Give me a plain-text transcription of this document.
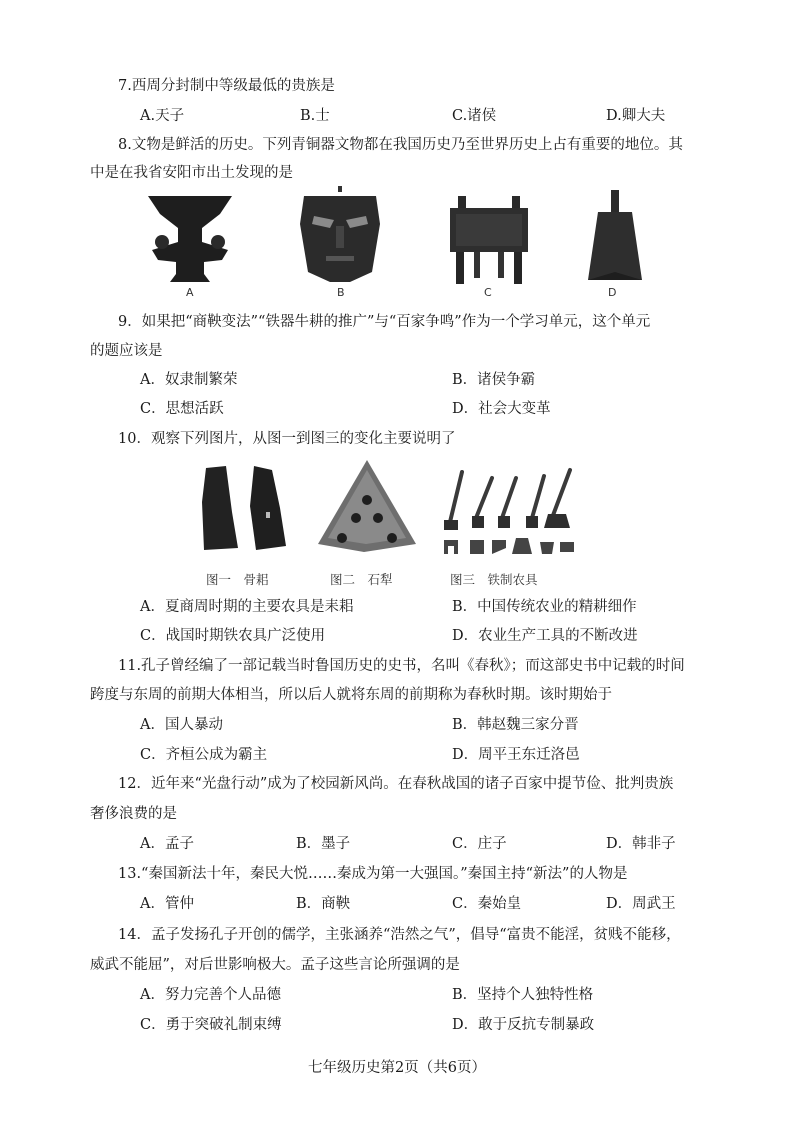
7.西周分封制中等级最低的贵族是
A.天子	B.士	C.诸侯	D.卿大夫
8.文物是鲜活的历史。下列青铜器文物都在我国历史乃至世界历史上占有重要的地位。其
中是在我省安阳市出土发现的是
A	B	C	D
9．如果把“商鞅变法”“铁器牛耕的推广”与“百家争鸣”作为一个学习单元，这个单元
的题应该是
A．奴隶制繁荣	B．诸侯争霸
C．思想活跃	D．社会大变革
10．观察下列图片，从图一到图三的变化主要说明了
图一　骨耜	图二　石犁	图三　铁制农具
A．夏商周时期的主要农具是耒耜	B．中国传统农业的精耕细作
C．战国时期铁农具广泛使用	D．农业生产工具的不断改进
11.孔子曾经编了一部记载当时鲁国历史的史书，名叫《春秋》；而这部史书中记载的时间
跨度与东周的前期大体相当，所以后人就将东周的前期称为春秋时期。该时期始于
A．国人暴动	B．韩赵魏三家分晋
C．齐桓公成为霸主	D．周平王东迁洛邑
12．近年来“光盘行动”成为了校园新风尚。在春秋战国的诸子百家中提节俭、批判贵族
奢侈浪费的是
A．孟子	B．墨子	C．庄子	D．韩非子
13.“秦国新法十年，秦民大悦……秦成为第一大强国。”秦国主持“新法”的人物是
A．管仲	B．商鞅	C．秦始皇	D．周武王
14．孟子发扬孔子开创的儒学，主张涵养“浩然之气”，倡导“富贵不能淫，贫贱不能移，
威武不能屈”，对后世影响极大。孟子这些言论所强调的是
A．努力完善个人品德	B．坚持个人独特性格
C．勇于突破礼制束缚	D．敢于反抗专制暴政
七年级历史第2页（共6页）
